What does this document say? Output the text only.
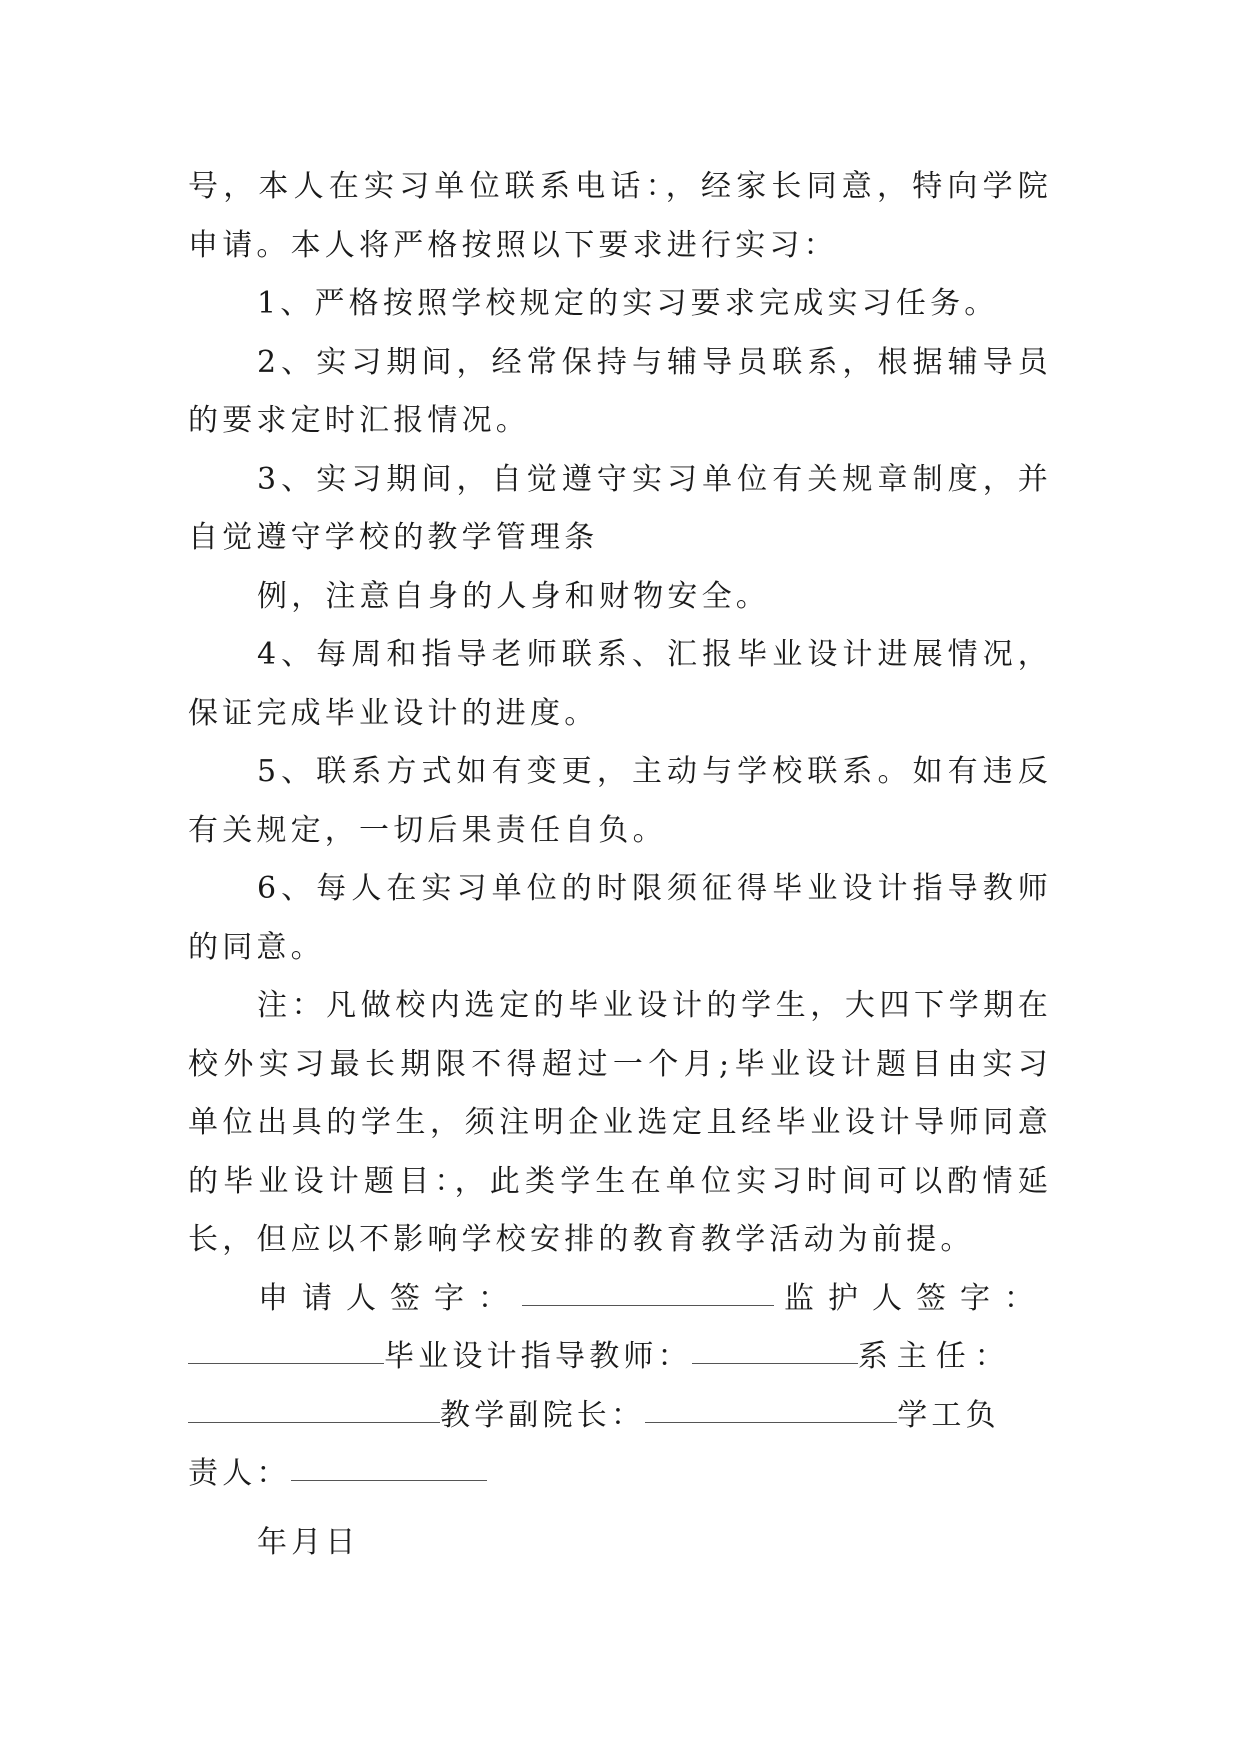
号，本人在实习单位联系电话：，经家长同意，特向学院申请。本人将严格按照以下要求进行实习：

1、严格按照学校规定的实习要求完成实习任务。

2、实习期间，经常保持与辅导员联系，根据辅导员的要求定时汇报情况。

3、实习期间，自觉遵守实习单位有关规章制度，并自觉遵守学校的教学管理条

例，注意自身的人身和财物安全。

4、每周和指导老师联系、汇报毕业设计进展情况，保证完成毕业设计的进度。

5、联系方式如有变更，主动与学校联系。如有违反有关规定，一切后果责任自负。

6、每人在实习单位的时限须征得毕业设计指导教师的同意。

注：凡做校内选定的毕业设计的学生，大四下学期在校外实习最长期限不得超过一个月;毕业设计题目由实习单位出具的学生，须注明企业选定且经毕业设计导师同意的毕业设计题目：，此类学生在单位实习时间可以酌情延长，但应以不影响学校安排的教育教学活动为前提。

申请人签字：	监护人签字：
毕业设计指导教师：	系主任：
教学副院长：	学工负
责人：

年月日
